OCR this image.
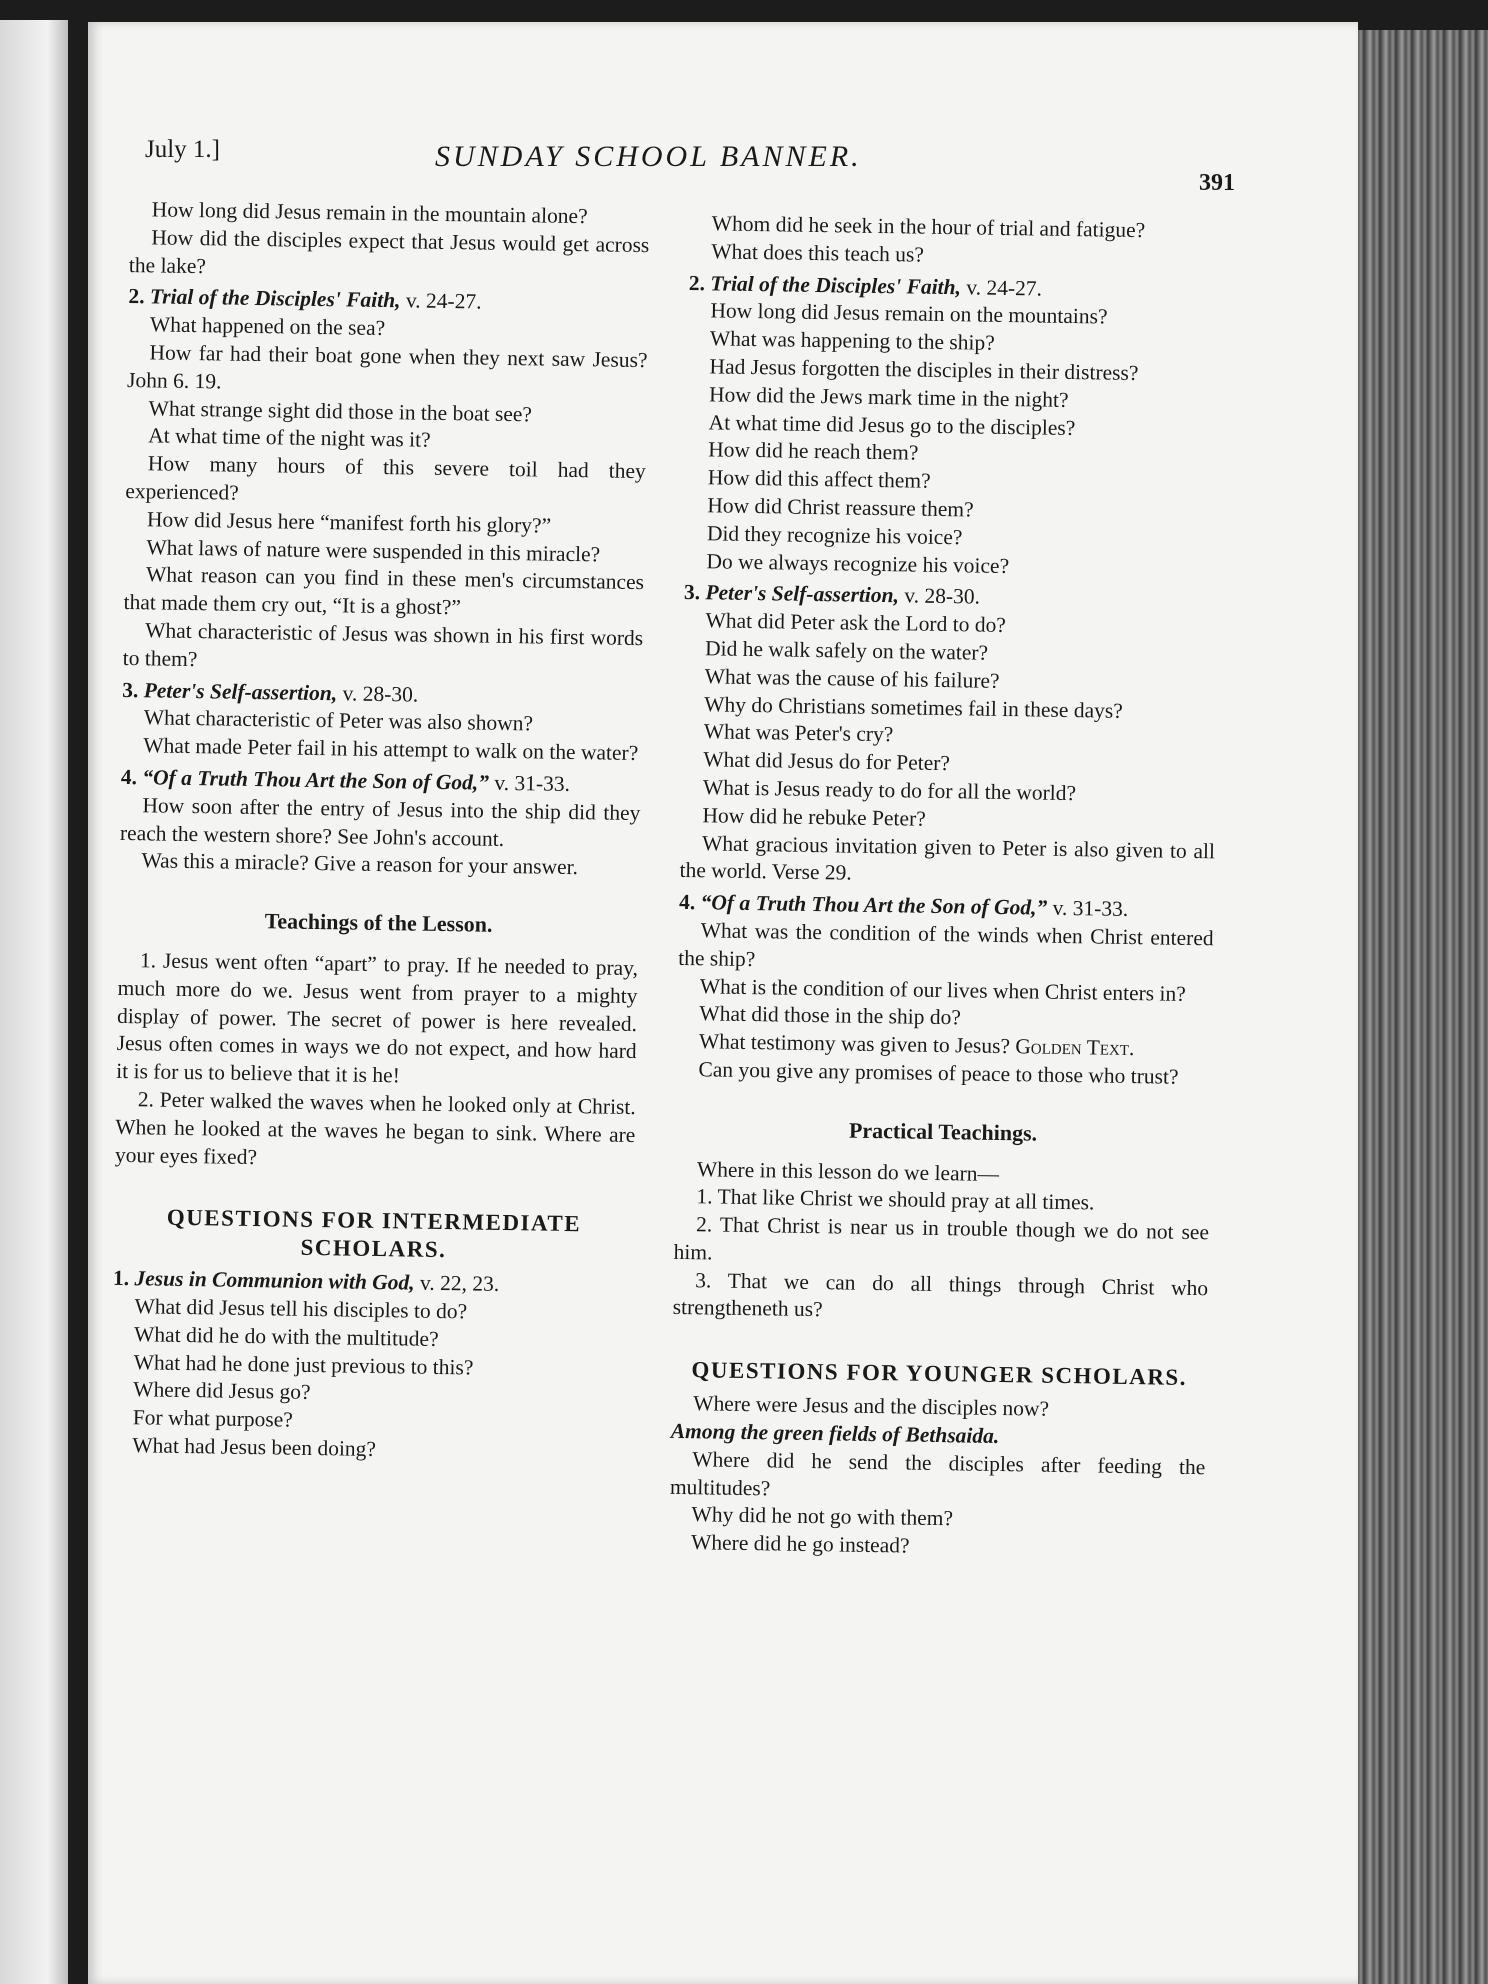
July 1.]	SUNDAY SCHOOL BANNER.
391

How long did Jesus remain in the mountain alone?

How did the disciples expect that Jesus would get across the lake?

2. Trial of the Disciples' Faith, v. 24-27.

What happened on the sea?

How far had their boat gone when they next saw Jesus? John 6. 19.

What strange sight did those in the boat see?

At what time of the night was it?

How many hours of this severe toil had they experienced?

How did Jesus here “manifest forth his glory?”

What laws of nature were suspended in this miracle?

What reason can you find in these men's circumstances that made them cry out, “It is a ghost?”

What characteristic of Jesus was shown in his first words to them?

3. Peter's Self-assertion, v. 28-30.

What characteristic of Peter was also shown?

What made Peter fail in his attempt to walk on the water?

4. “Of a Truth Thou Art the Son of God,” v. 31-33.

How soon after the entry of Jesus into the ship did they reach the western shore? See John's account.

Was this a miracle? Give a reason for your answer.

Teachings of the Lesson.

1. Jesus went often “apart” to pray. If he needed to pray, much more do we. Jesus went from prayer to a mighty display of power. The secret of power is here revealed. Jesus often comes in ways we do not expect, and how hard it is for us to believe that it is he!

2. Peter walked the waves when he looked only at Christ. When he looked at the waves he began to sink. Where are your eyes fixed?

QUESTIONS FOR INTERMEDIATE SCHOLARS.

1. Jesus in Communion with God, v. 22, 23.

What did Jesus tell his disciples to do?

What did he do with the multitude?

What had he done just previous to this?

Where did Jesus go?

For what purpose?

What had Jesus been doing?

Whom did he seek in the hour of trial and fatigue?

What does this teach us?

2. Trial of the Disciples' Faith, v. 24-27.

How long did Jesus remain on the mountains?

What was happening to the ship?

Had Jesus forgotten the disciples in their distress?

How did the Jews mark time in the night?

At what time did Jesus go to the disciples?

How did he reach them?

How did this affect them?

How did Christ reassure them?

Did they recognize his voice?

Do we always recognize his voice?

3. Peter's Self-assertion, v. 28-30.

What did Peter ask the Lord to do?

Did he walk safely on the water?

What was the cause of his failure?

Why do Christians sometimes fail in these days?

What was Peter's cry?

What did Jesus do for Peter?

What is Jesus ready to do for all the world?

How did he rebuke Peter?

What gracious invitation given to Peter is also given to all the world. Verse 29.

4. “Of a Truth Thou Art the Son of God,” v. 31-33.

What was the condition of the winds when Christ entered the ship?

What is the condition of our lives when Christ enters in?

What did those in the ship do?

What testimony was given to Jesus? Golden Text.

Can you give any promises of peace to those who trust?

Practical Teachings.

Where in this lesson do we learn—

1. That like Christ we should pray at all times.

2. That Christ is near us in trouble though we do not see him.

3. That we can do all things through Christ who strengtheneth us?

QUESTIONS FOR YOUNGER SCHOLARS.

Where were Jesus and the disciples now?

Among the green fields of Bethsaida.

Where did he send the disciples after feeding the multitudes?

Why did he not go with them?

Where did he go instead?
